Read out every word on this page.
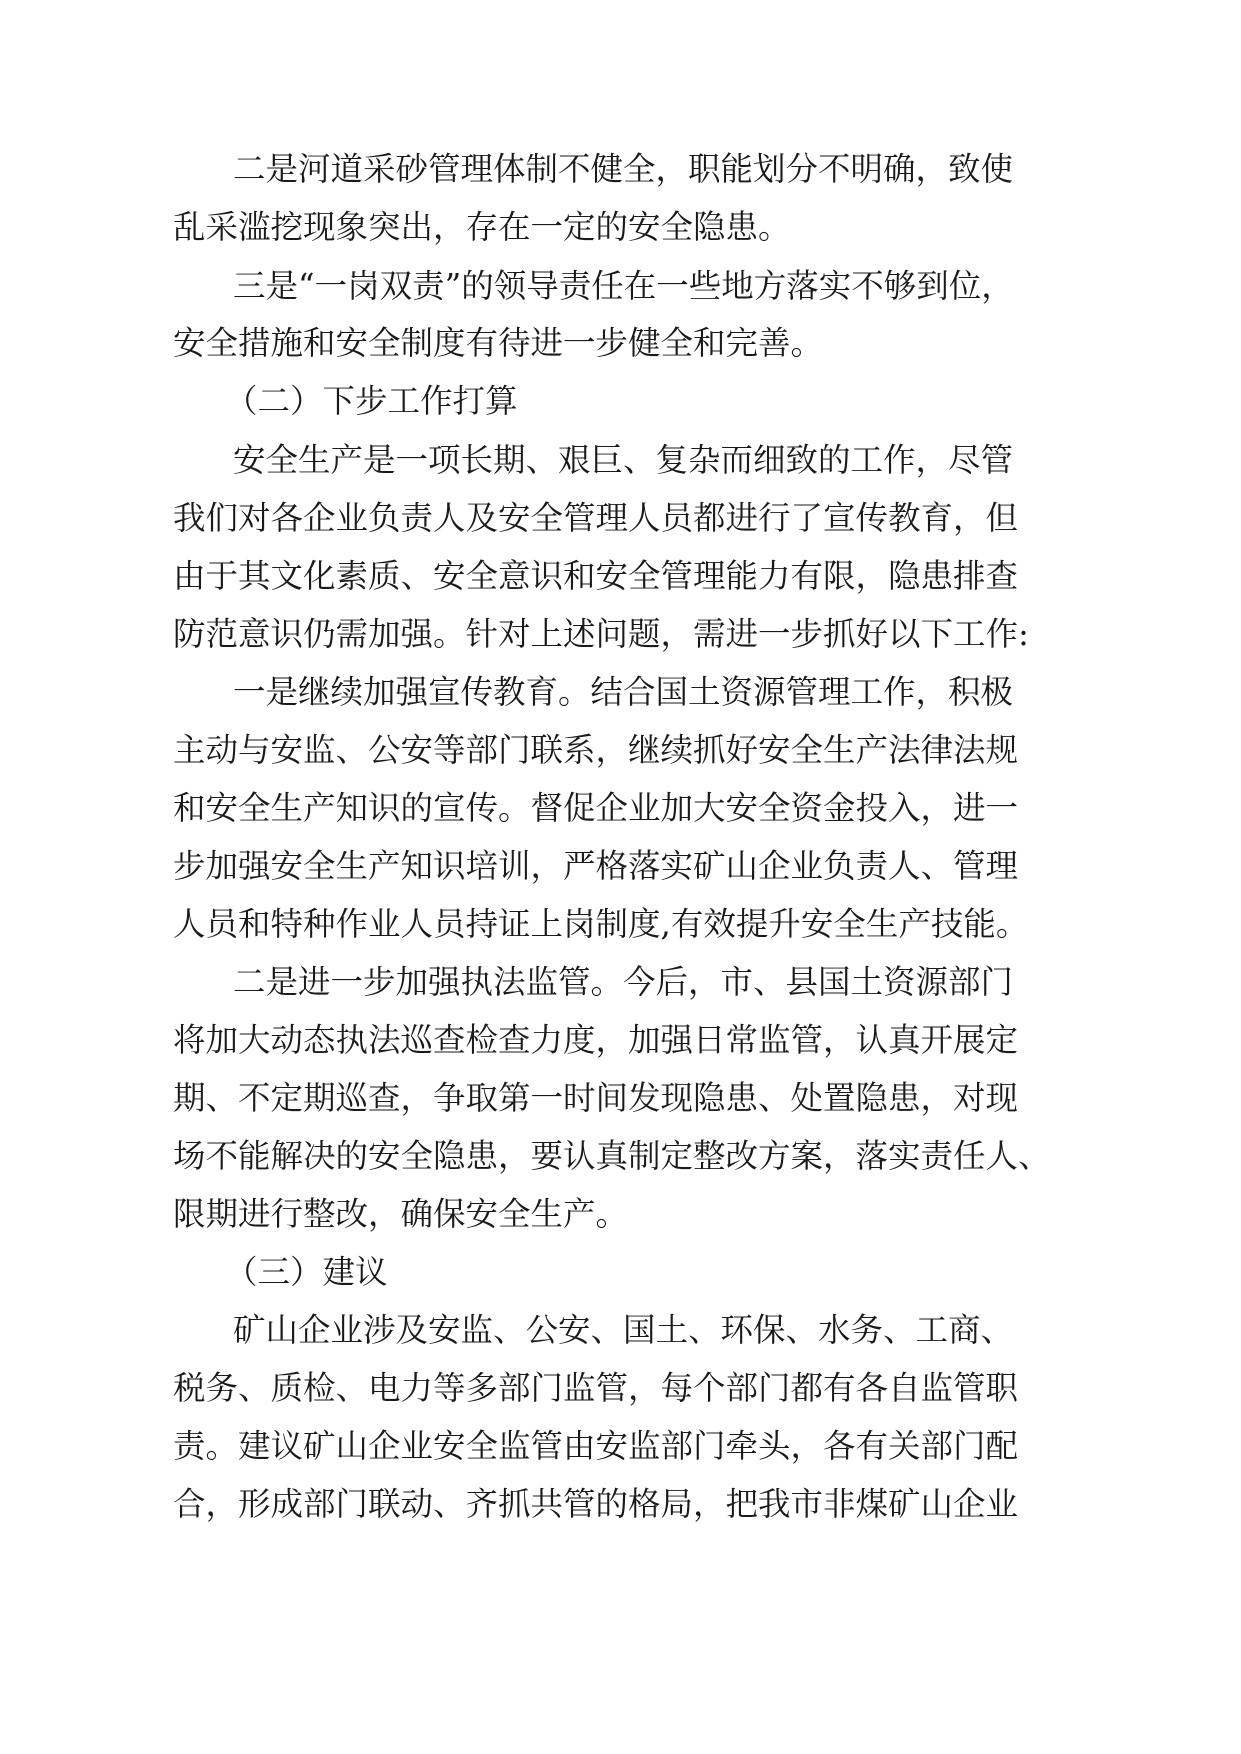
二是河道采砂管理体制不健全，职能划分不明确，致使
乱采滥挖现象突出，存在一定的安全隐患。
三是“一岗双责”的领导责任在一些地方落实不够到位，
安全措施和安全制度有待进一步健全和完善。
（二）下步工作打算
安全生产是一项长期、艰巨、复杂而细致的工作，尽管
我们对各企业负责人及安全管理人员都进行了宣传教育，但
由于其文化素质、安全意识和安全管理能力有限，隐患排查
防范意识仍需加强。针对上述问题，需进一步抓好以下工作:
一是继续加强宣传教育。结合国土资源管理工作，积极
主动与安监、公安等部门联系，继续抓好安全生产法律法规
和安全生产知识的宣传。督促企业加大安全资金投入，进一
步加强安全生产知识培训，严格落实矿山企业负责人、管理
人员和特种作业人员持证上岗制度,有效提升安全生产技能。
二是进一步加强执法监管。今后，市、县国土资源部门
将加大动态执法巡查检查力度，加强日常监管，认真开展定
期、不定期巡查，争取第一时间发现隐患、处置隐患，对现
场不能解决的安全隐患，要认真制定整改方案，落实责任人、
限期进行整改，确保安全生产。
（三）建议
矿山企业涉及安监、公安、国土、环保、水务、工商、
税务、质检、电力等多部门监管，每个部门都有各自监管职
责。建议矿山企业安全监管由安监部门牵头，各有关部门配
合，形成部门联动、齐抓共管的格局，把我市非煤矿山企业
